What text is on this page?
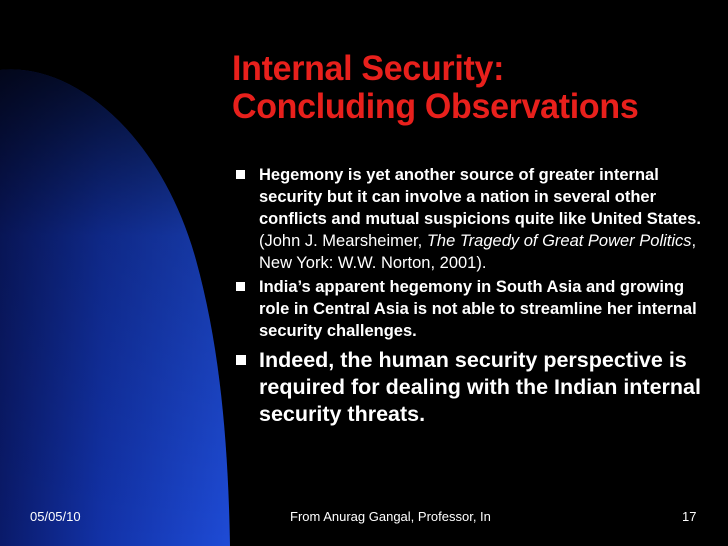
Internal Security:
Concluding Observations
Hegemony is yet another source of greater internal security but it can involve a nation in several other conflicts and mutual suspicions quite like United States. (John J. Mearsheimer, The Tragedy of Great Power Politics, New York: W.W. Norton, 2001).
India’s apparent hegemony in South Asia and growing role in Central Asia is not able to streamline her internal security challenges.
Indeed, the human security perspective is required for dealing with the Indian internal security threats.
05/05/10	From Anurag Gangal, Professor, In	17
